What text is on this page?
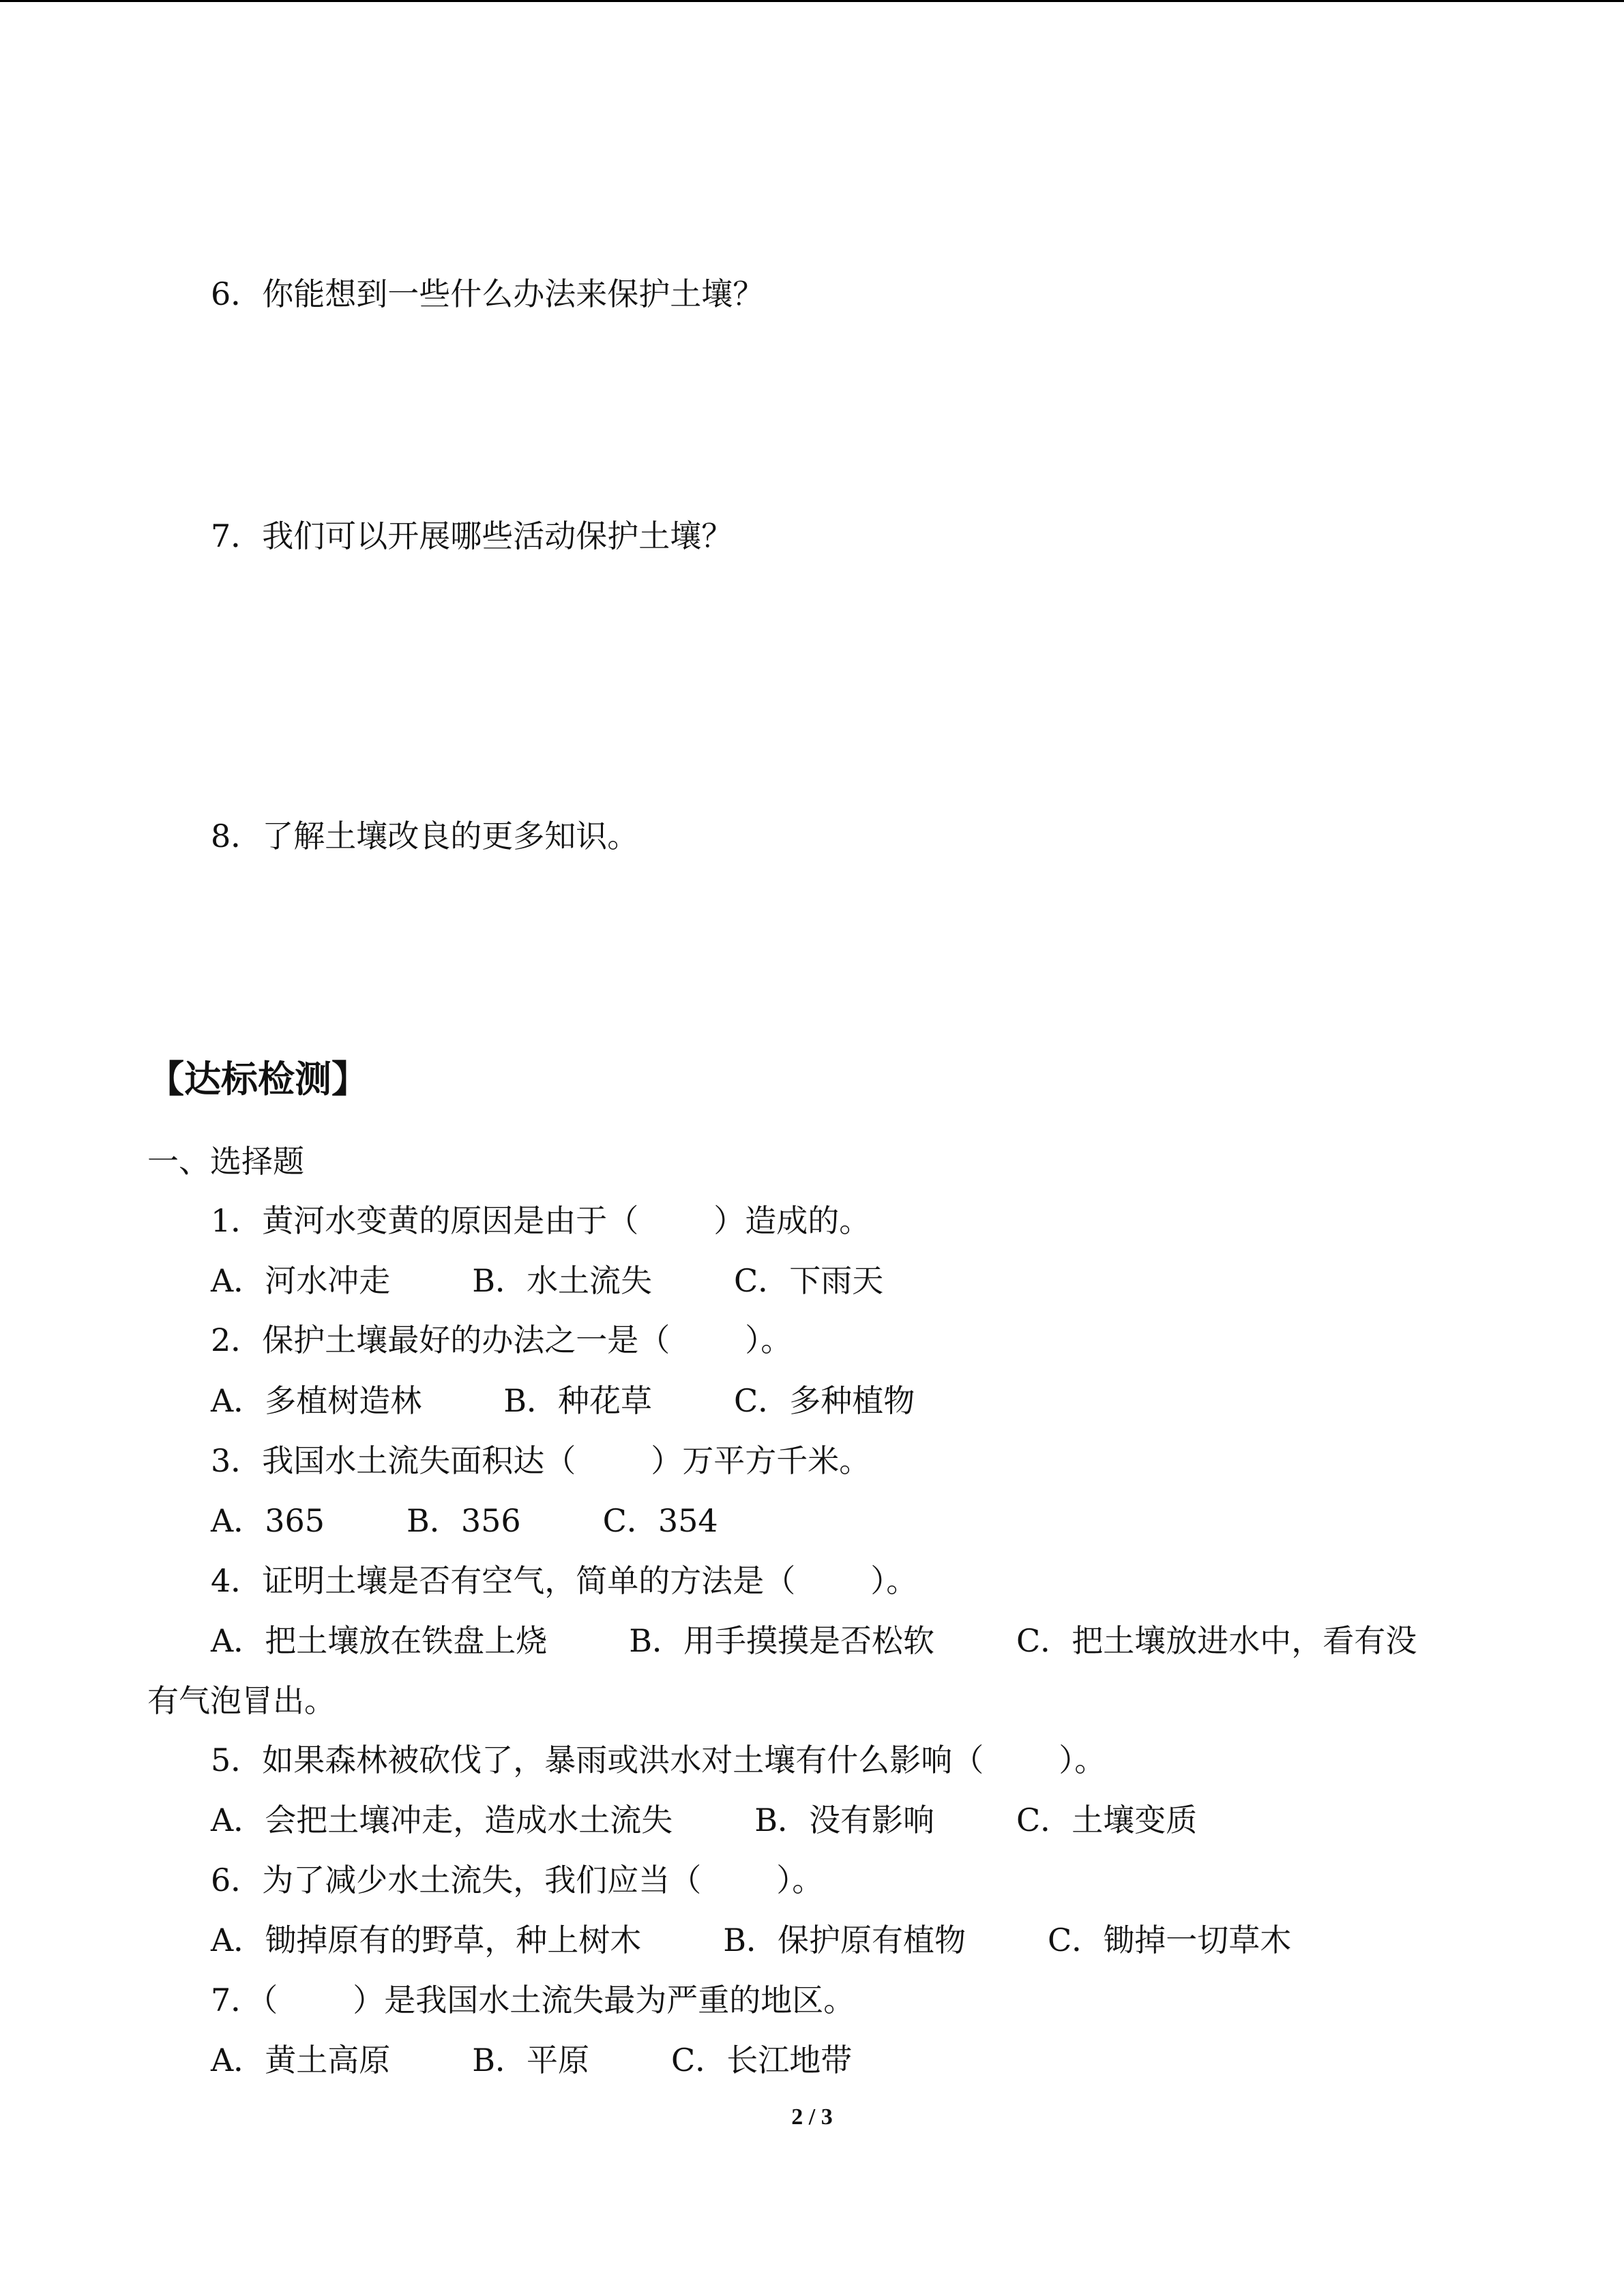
6．你能想到一些什么办法来保护土壤？
7．我们可以开展哪些活动保护土壤？
8．了解土壤改良的更多知识。
【达标检测】
一、选择题
1．黄河水变黄的原因是由于（ ）造成的。
A．河水冲走	B．水土流失	C．下雨天
2．保护土壤最好的办法之一是（ ）。
A．多植树造林	B．种花草	C．多种植物
3．我国水土流失面积达（ ）万平方千米。
A．365	B．356	C．354
4．证明土壤是否有空气，简单的方法是（ ）。
A．把土壤放在铁盘上烧	B．用手摸摸是否松软	C．把土壤放进水中，看有没
有气泡冒出。
5．如果森林被砍伐了，暴雨或洪水对土壤有什么影响（ ）。
A．会把土壤冲走，造成水土流失	B．没有影响	C．土壤变质
6．为了减少水土流失，我们应当（ ）。
A．锄掉原有的野草，种上树木	B．保护原有植物	C．锄掉一切草木
7．（ ）是我国水土流失最为严重的地区。
A．黄土高原	B．平原	C．长江地带
2 / 3
